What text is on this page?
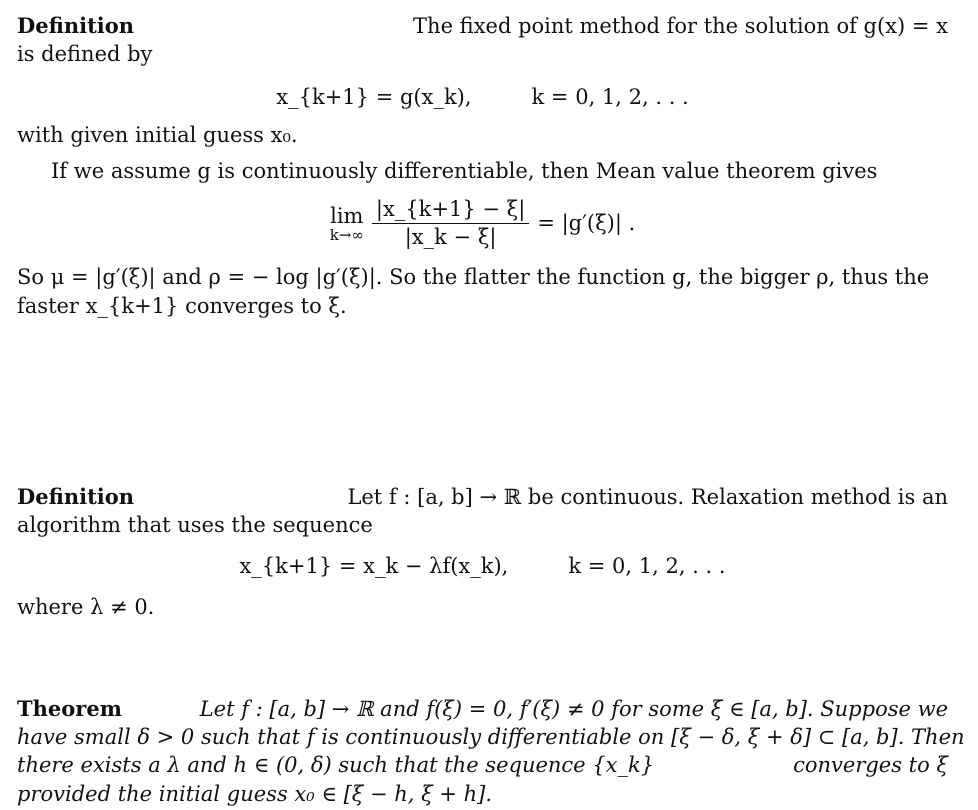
Definition	The fixed point method for the solution of g(x) = x
is defined by
x_{k+1} = g(x_k),	k = 0, 1, 2, . . .
with given initial guess x₀.
If we assume g is continuously differentiable, then Mean value theorem gives
lim
$k\to\infty \frac{|x\_\{k+1\} - \xi|}{|x\_k - \xi|} = |g'(\xi)|$ .
So μ = |g′(ξ)| and ρ = − log |g′(ξ)|. So the flatter the function g, the bigger ρ, thus the
faster x_{k+1} converges to ξ.
Definition	Let f : [a, b] → ℝ be continuous. Relaxation method is an
algorithm that uses the sequence
x_{k+1} = x_k − λf(x_k),	k = 0, 1, 2, . . .
where λ ≠ 0.
Theorem	Let f : [a, b] → ℝ and f(ξ) = 0, f′(ξ) ≠ 0 for some ξ ∈ [a, b]. Suppose we
have small δ > 0 such that f is continuously differentiable on [ξ − δ, ξ + δ] ⊂ [a, b]. Then
there exists a λ and h ∈ (0, δ) such that the sequence {x_k}	converges to ξ
provided the initial guess x₀ ∈ [ξ − h, ξ + h].
